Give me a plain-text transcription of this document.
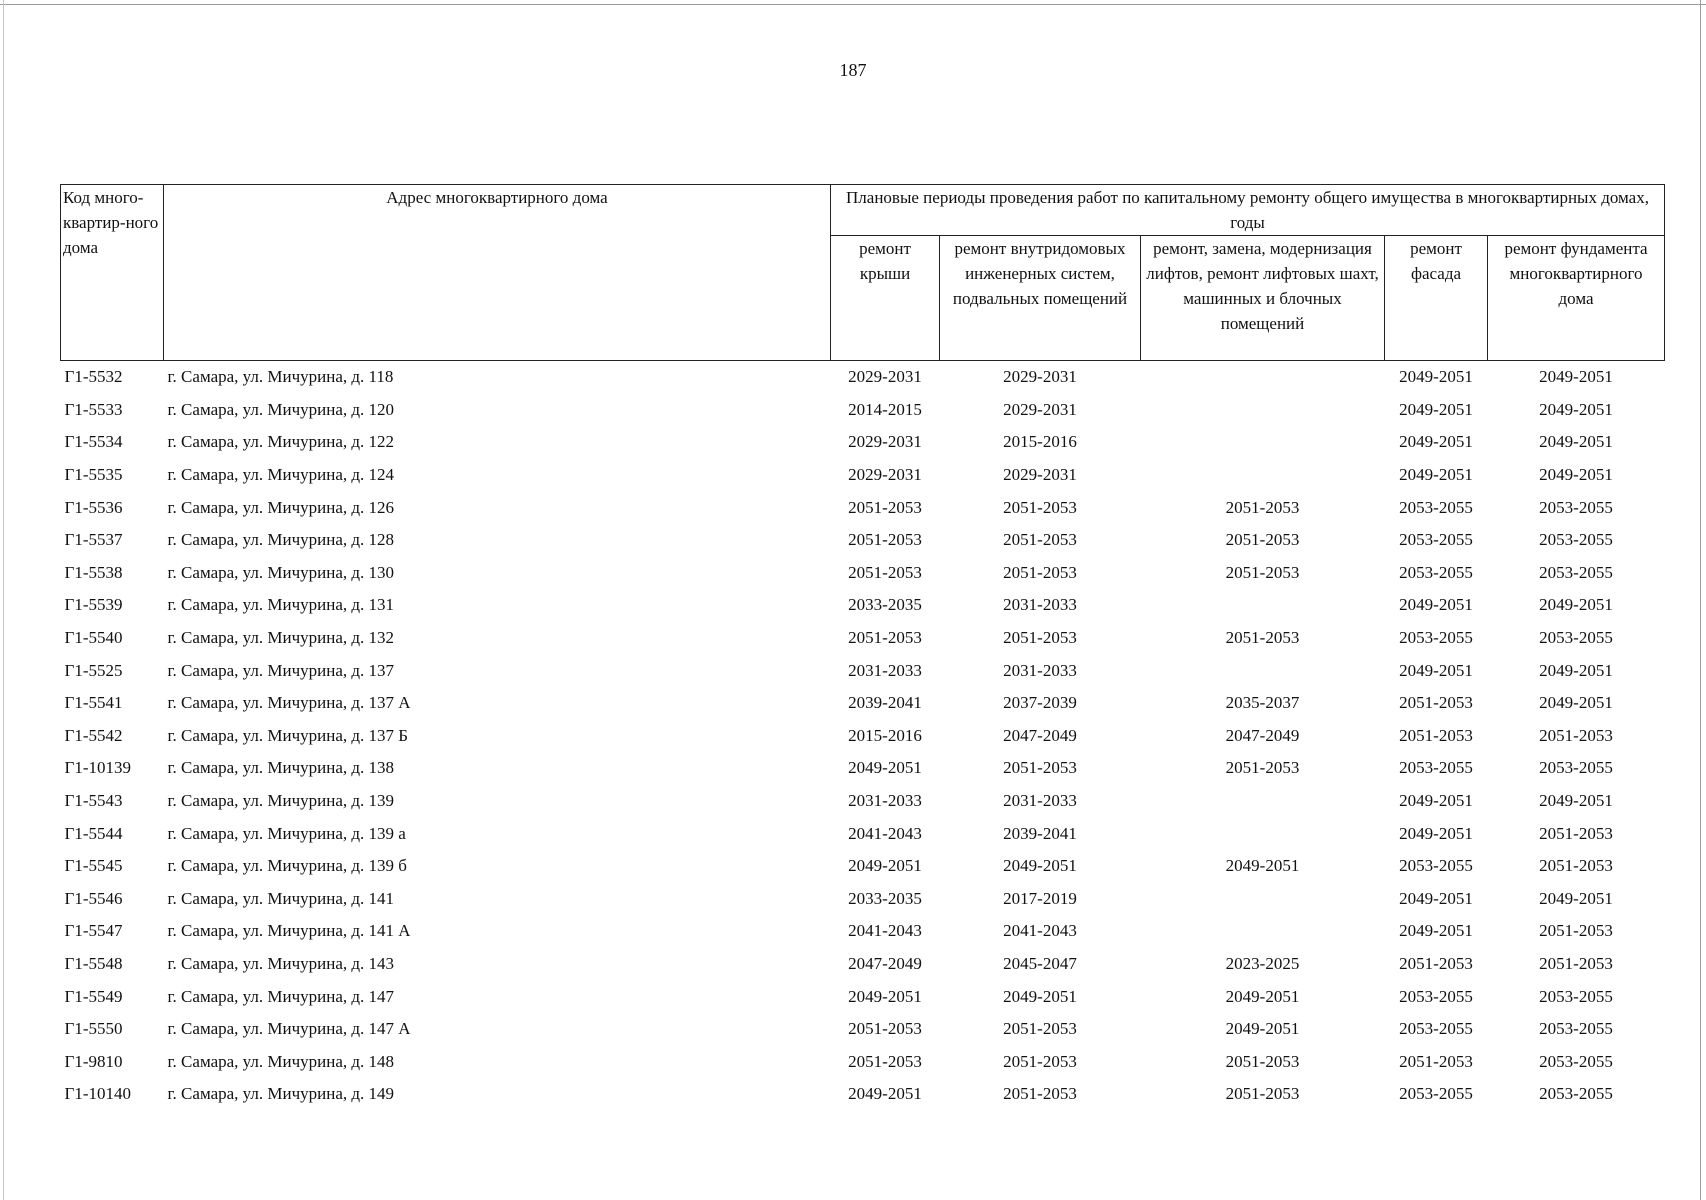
187
Код много-квартир-ного дома	Адрес многоквартирного дома	Плановые периоды проведения работ по капитальному ремонту общего имущества в многоквартирных домах, годы				
		ремонт крыши	ремонт внутридомовых инженерных систем, подвальных помещений	ремонт, замена, модернизация лифтов, ремонт лифтовых шахт, машинных и блочных помещений	ремонт фасада	ремонт фундамента многоквартирного дома
Г1-5532	г. Самара, ул. Мичурина, д. 118	2029-2031	2029-2031		2049-2051	2049-2051
Г1-5533	г. Самара, ул. Мичурина, д. 120	2014-2015	2029-2031		2049-2051	2049-2051
Г1-5534	г. Самара, ул. Мичурина, д. 122	2029-2031	2015-2016		2049-2051	2049-2051
Г1-5535	г. Самара, ул. Мичурина, д. 124	2029-2031	2029-2031		2049-2051	2049-2051
Г1-5536	г. Самара, ул. Мичурина, д. 126	2051-2053	2051-2053	2051-2053	2053-2055	2053-2055
Г1-5537	г. Самара, ул. Мичурина, д. 128	2051-2053	2051-2053	2051-2053	2053-2055	2053-2055
Г1-5538	г. Самара, ул. Мичурина, д. 130	2051-2053	2051-2053	2051-2053	2053-2055	2053-2055
Г1-5539	г. Самара, ул. Мичурина, д. 131	2033-2035	2031-2033		2049-2051	2049-2051
Г1-5540	г. Самара, ул. Мичурина, д. 132	2051-2053	2051-2053	2051-2053	2053-2055	2053-2055
Г1-5525	г. Самара, ул. Мичурина, д. 137	2031-2033	2031-2033		2049-2051	2049-2051
Г1-5541	г. Самара, ул. Мичурина, д. 137 А	2039-2041	2037-2039	2035-2037	2051-2053	2049-2051
Г1-5542	г. Самара, ул. Мичурина, д. 137 Б	2015-2016	2047-2049	2047-2049	2051-2053	2051-2053
Г1-10139	г. Самара, ул. Мичурина, д. 138	2049-2051	2051-2053	2051-2053	2053-2055	2053-2055
Г1-5543	г. Самара, ул. Мичурина, д. 139	2031-2033	2031-2033		2049-2051	2049-2051
Г1-5544	г. Самара, ул. Мичурина, д. 139 а	2041-2043	2039-2041		2049-2051	2051-2053
Г1-5545	г. Самара, ул. Мичурина, д. 139 б	2049-2051	2049-2051	2049-2051	2053-2055	2051-2053
Г1-5546	г. Самара, ул. Мичурина, д. 141	2033-2035	2017-2019		2049-2051	2049-2051
Г1-5547	г. Самара, ул. Мичурина, д. 141 А	2041-2043	2041-2043		2049-2051	2051-2053
Г1-5548	г. Самара, ул. Мичурина, д. 143	2047-2049	2045-2047	2023-2025	2051-2053	2051-2053
Г1-5549	г. Самара, ул. Мичурина, д. 147	2049-2051	2049-2051	2049-2051	2053-2055	2053-2055
Г1-5550	г. Самара, ул. Мичурина, д. 147 А	2051-2053	2051-2053	2049-2051	2053-2055	2053-2055
Г1-9810	г. Самара, ул. Мичурина, д. 148	2051-2053	2051-2053	2051-2053	2051-2053	2053-2055
Г1-10140	г. Самара, ул. Мичурина, д. 149	2049-2051	2051-2053	2051-2053	2053-2055	2053-2055
